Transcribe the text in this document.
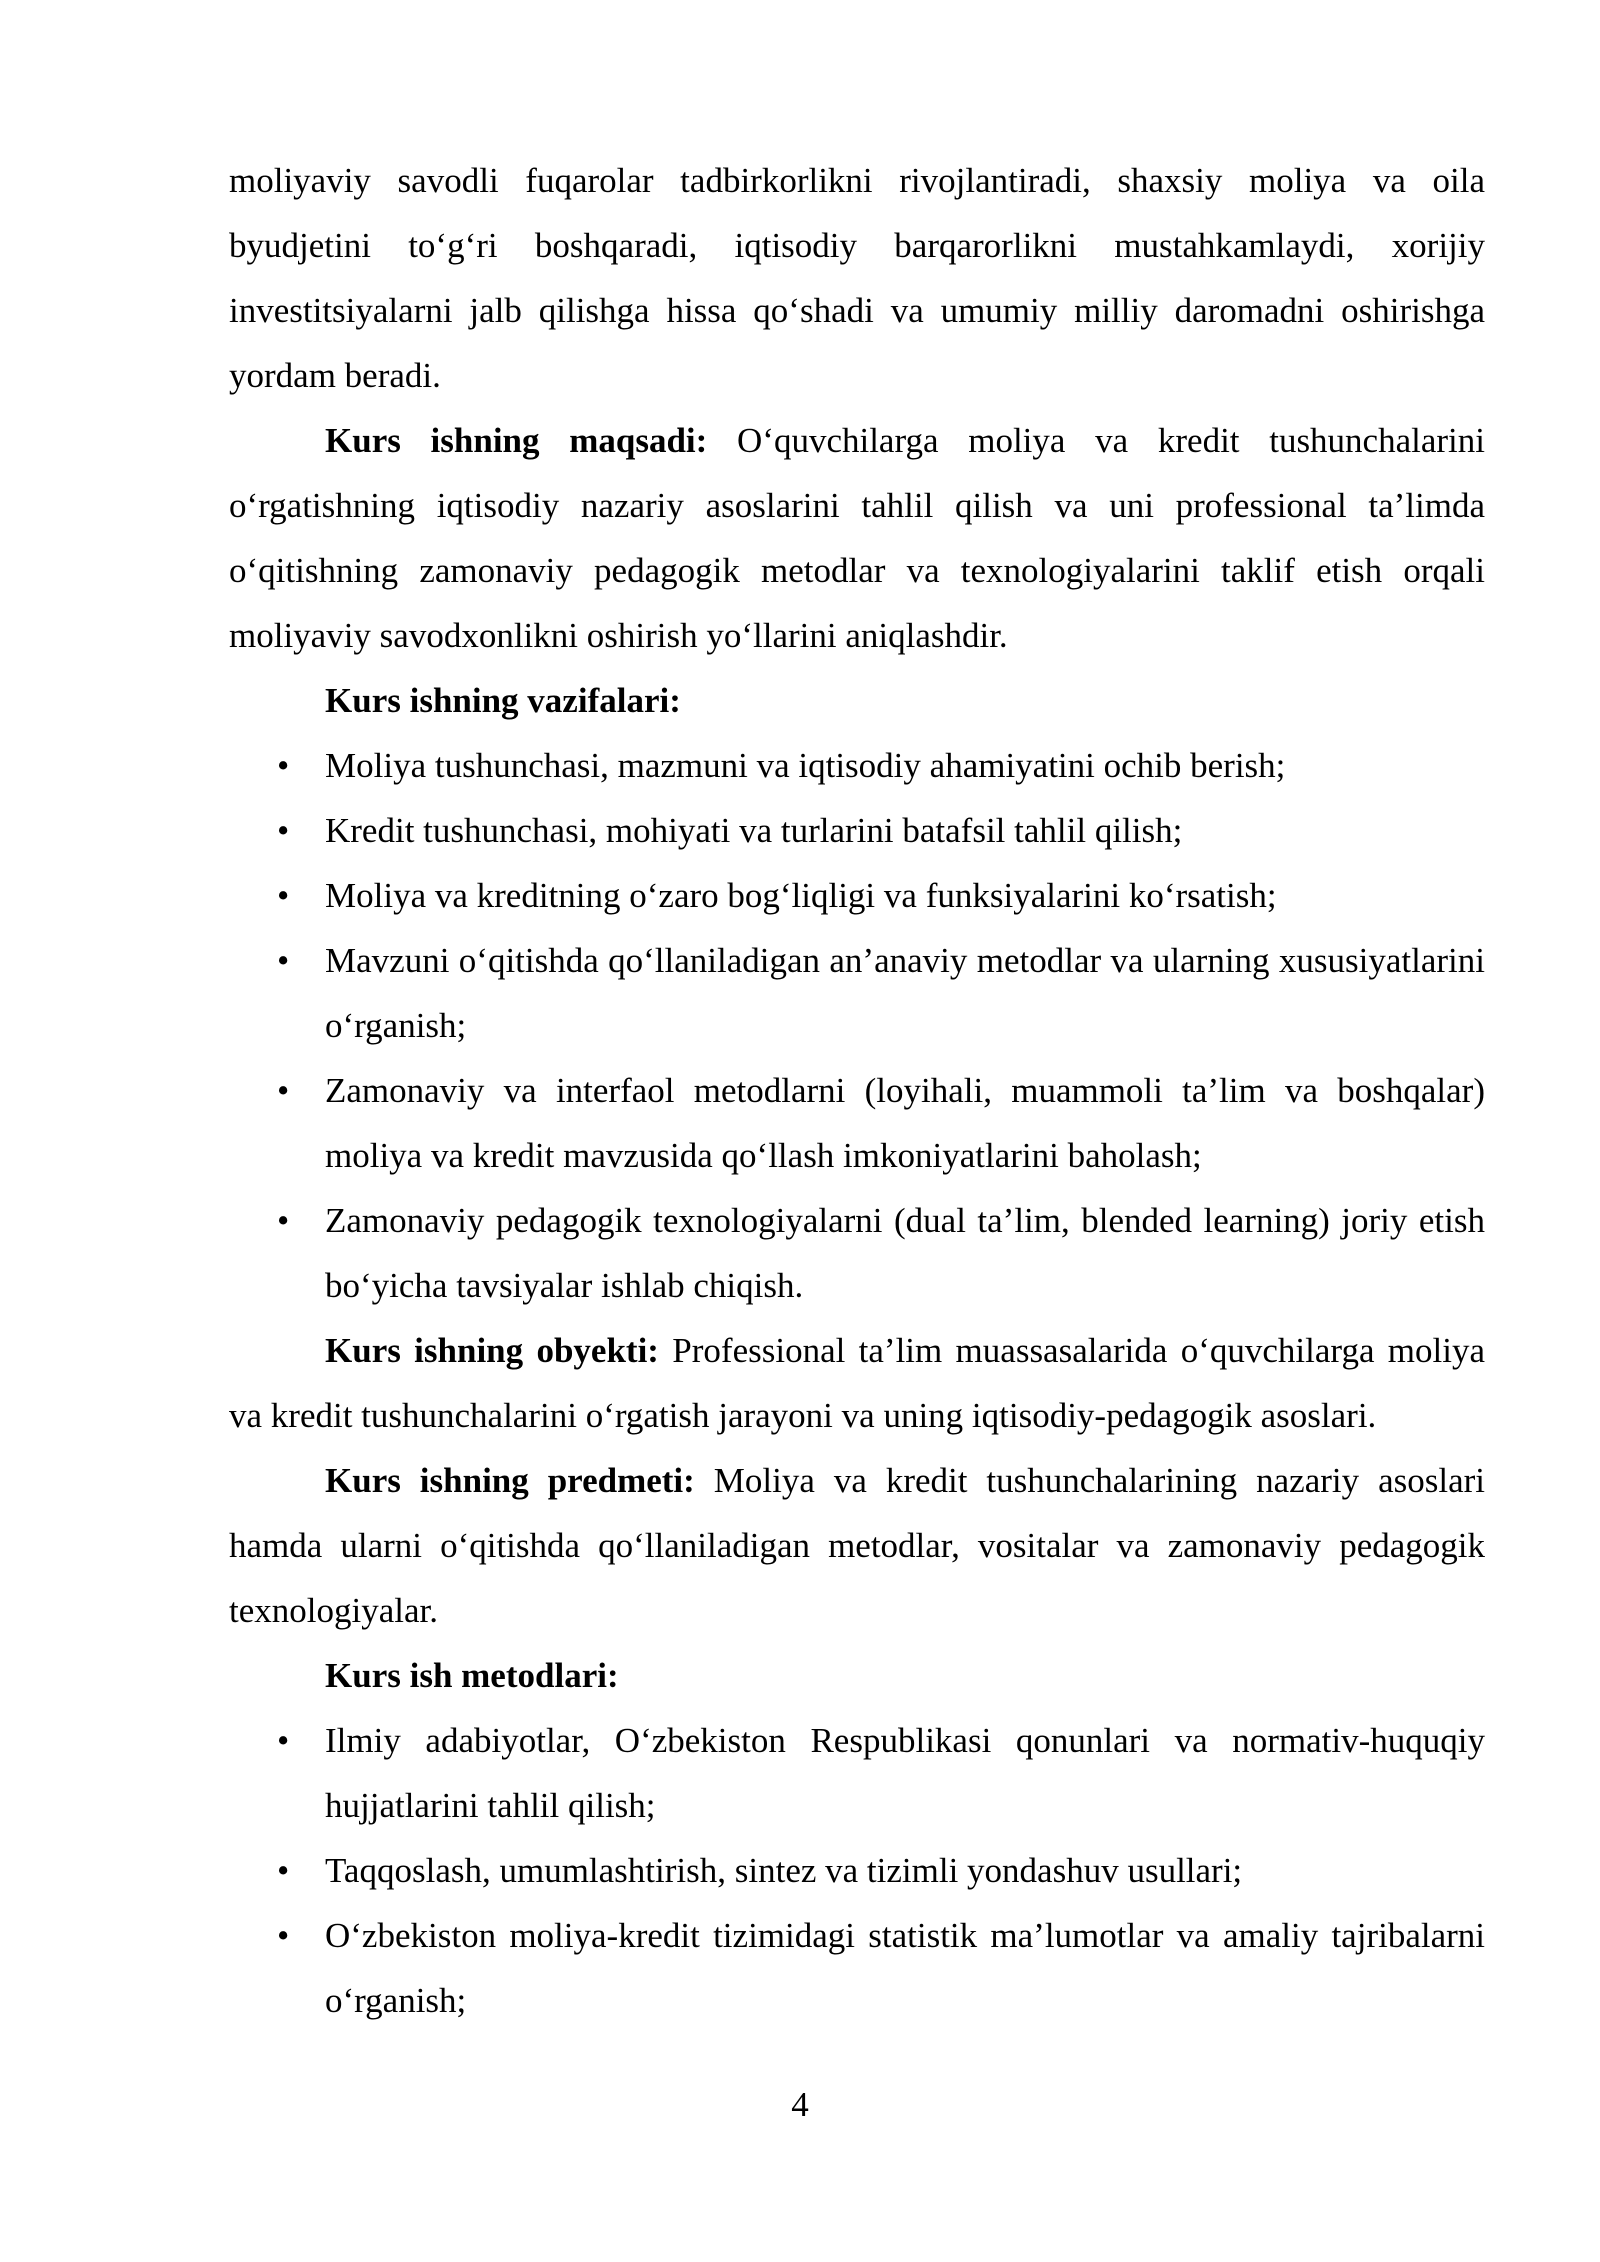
moliyaviy savodli fuqarolar tadbirkorlikni rivojlantiradi, shaxsiy moliya va oila byudjetini to‘g‘ri boshqaradi, iqtisodiy barqarorlikni mustahkamlaydi, xorijiy investitsiyalarni jalb qilishga hissa qo‘shadi va umumiy milliy daromadni oshirishga yordam beradi.

Kurs ishning maqsadi: O‘quvchilarga moliya va kredit tushunchalarini o‘rgatishning iqtisodiy nazariy asoslarini tahlil qilish va uni professional ta’limda o‘qitishning zamonaviy pedagogik metodlar va texnologiyalarini taklif etish orqali moliyaviy savodxonlikni oshirish yo‘llarini aniqlashdir.

Kurs ishning vazifalari:

• Moliya tushunchasi, mazmuni va iqtisodiy ahamiyatini ochib berish;
• Kredit tushunchasi, mohiyati va turlarini batafsil tahlil qilish;
• Moliya va kreditning o‘zaro bog‘liqligi va funksiyalarini ko‘rsatish;
• Mavzuni o‘qitishda qo‘llaniladigan an’anaviy metodlar va ularning xususiyatlarini o‘rganish;
• Zamonaviy va interfaol metodlarni (loyihali, muammoli ta’lim va boshqalar) moliya va kredit mavzusida qo‘llash imkoniyatlarini baholash;
• Zamonaviy pedagogik texnologiyalarni (dual ta’lim, blended learning) joriy etish bo‘yicha tavsiyalar ishlab chiqish.

Kurs ishning obyekti: Professional ta’lim muassasalarida o‘quvchilarga moliya va kredit tushunchalarini o‘rgatish jarayoni va uning iqtisodiy-pedagogik asoslari.

Kurs ishning predmeti: Moliya va kredit tushunchalarining nazariy asoslari hamda ularni o‘qitishda qo‘llaniladigan metodlar, vositalar va zamonaviy pedagogik texnologiyalar.

Kurs ish metodlari:

• Ilmiy adabiyotlar, O‘zbekiston Respublikasi qonunlari va normativ-huquqiy hujjatlarini tahlil qilish;
• Taqqoslash, umumlashtirish, sintez va tizimli yondashuv usullari;
• O‘zbekiston moliya-kredit tizimidagi statistik ma’lumotlar va amaliy tajribalarni o‘rganish;
4
